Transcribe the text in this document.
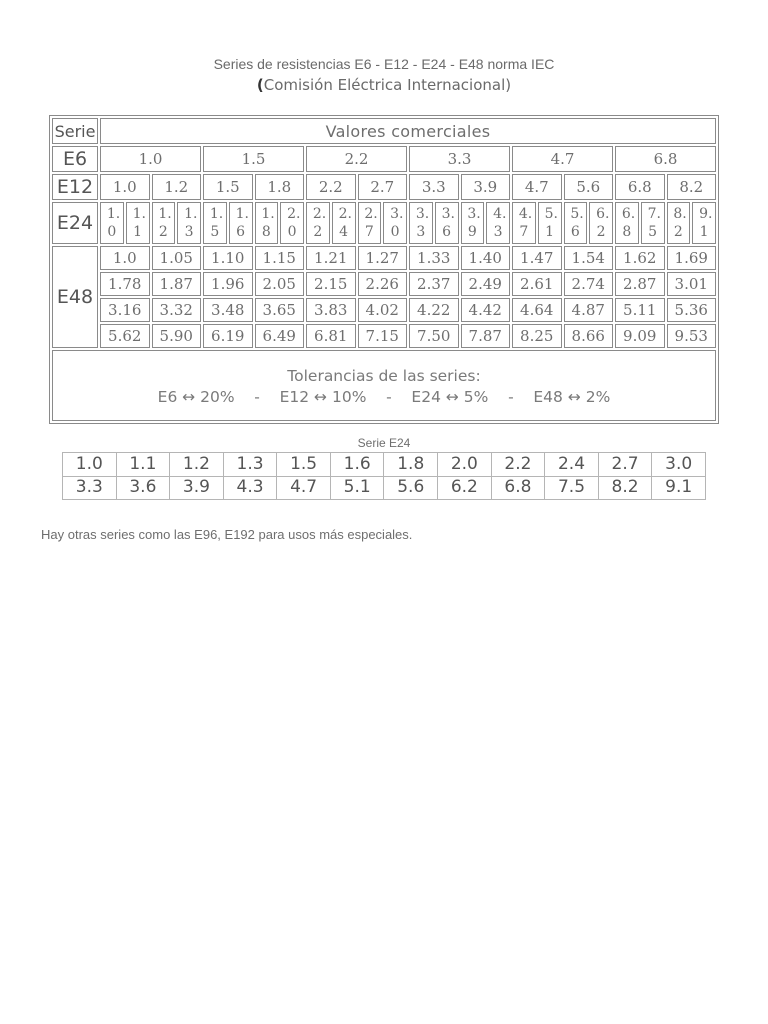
Series de resistencias E6 - E12 - E24 - E48 norma IEC
(Comisión Eléctrica Internacional)
Serie	Valores comerciales																							
E6	1.0				1.5				2.2				3.3				4.7				6.8			
E12	1.0		1.2		1.5		1.8		2.2		2.7		3.3		3.9		4.7		5.6		6.8		8.2	
E24	1.0	1.1	1.2	1.3	1.5	1.6	1.8	2.0	2.2	2.4	2.7	3.0	3.3	3.6	3.9	4.3	4.7	5.1	5.6	6.2	6.8	7.5	8.2	9.1
E48	1.0		1.05		1.10		1.15		1.21		1.27		1.33		1.40		1.47		1.54		1.62		1.69	
	1.78		1.87		1.96		2.05		2.15		2.26		2.37		2.49		2.61		2.74		2.87		3.01	
	3.16		3.32		3.48		3.65		3.83		4.02		4.22		4.42		4.64		4.87		5.11		5.36	
	5.62		5.90		6.19		6.49		6.81		7.15		7.50		7.87		8.25		8.66		9.09		9.53	

Tolerancias de las series:
E6 ↔ 20%    -    E12 ↔ 10%    -    E24 ↔ 5%    -    E48 ↔ 2%																								
Serie E24
1.0	1.1	1.2	1.3	1.5	1.6	1.8	2.0	2.2	2.4	2.7	3.0
3.3	3.6	3.9	4.3	4.7	5.1	5.6	6.2	6.8	7.5	8.2	9.1
Hay otras series como las E96, E192 para usos más especiales.
